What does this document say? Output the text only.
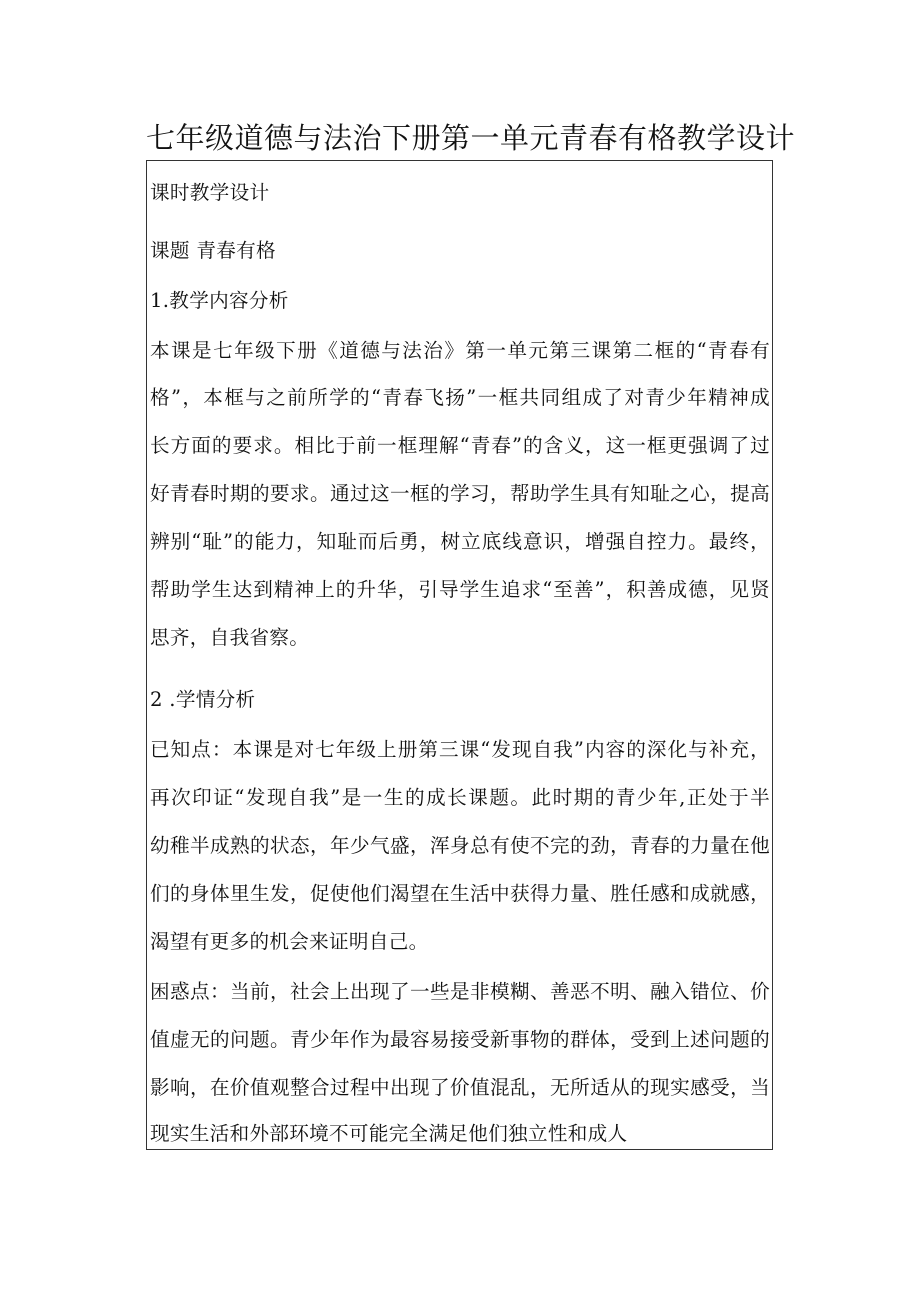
七年级道德与法治下册第一单元青春有格教学设计
课时教学设计
课题 青春有格
1.教学内容分析
本课是七年级下册《道德与法治》第一单元第三课第二框的“青春有
格”，本框与之前所学的“青春飞扬”一框共同组成了对青少年精神成
长方面的要求。相比于前一框理解“青春”的含义，这一框更强调了过
好青春时期的要求。通过这一框的学习，帮助学生具有知耻之心，提高
辨别“耻”的能力，知耻而后勇，树立底线意识，增强自控力。最终，
帮助学生达到精神上的升华，引导学生追求“至善”，积善成德，见贤
思齐，自我省察。
2 .学情分析
已知点：本课是对七年级上册第三课“发现自我”内容的深化与补充，
再次印证“发现自我”是一生的成长课题。此时期的青少年,正处于半
幼稚半成熟的状态，年少气盛，浑身总有使不完的劲，青春的力量在他
们的身体里生发，促使他们渴望在生活中获得力量、胜任感和成就感，
渴望有更多的机会来证明自己。
困惑点：当前，社会上出现了一些是非模糊、善恶不明、融入错位、价
值虚无的问题。青少年作为最容易接受新事物的群体，受到上述问题的
影响，在价值观整合过程中出现了价值混乱，无所适从的现实感受，当
现实生活和外部环境不可能完全满足他们独立性和成人
